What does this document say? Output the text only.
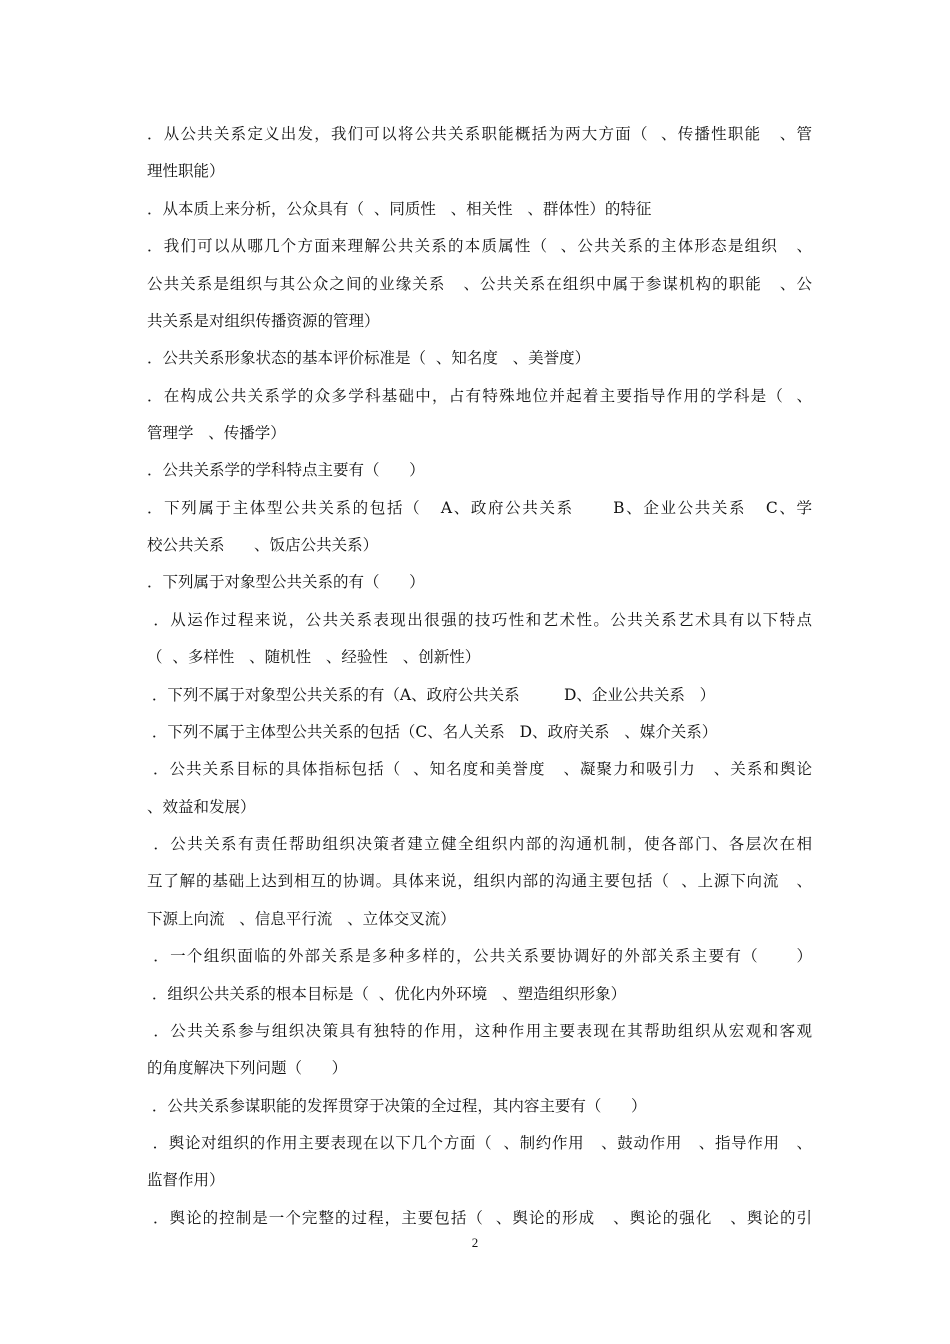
．从公共关系定义出发，我们可以将公共关系职能概括为两大方面（  、传播性职能   、管
理性职能）
．从本质上来分析，公众具有（  、同质性   、相关性   、群体性）的特征
．我们可以从哪几个方面来理解公共关系的本质属性（  、公共关系的主体形态是组织   、
公共关系是组织与其公众之间的业缘关系   、公共关系在组织中属于参谋机构的职能   、公
共关系是对组织传播资源的管理）
．公共关系形象状态的基本评价标准是（  、知名度   、美誉度）
．在构成公共关系学的众多学科基础中，占有特殊地位并起着主要指导作用的学科是（  、
管理学   、传播学）
．公共关系学的学科特点主要有（      ）
．下列属于主体型公共关系的包括（   A、政府公共关系      B、企业公共关系   C、学
校公共关系      、饭店公共关系）
．下列属于对象型公共关系的有（      ）
．从运作过程来说，公共关系表现出很强的技巧性和艺术性。公共关系艺术具有以下特点
（  、多样性   、随机性   、经验性   、创新性）
．下列不属于对象型公共关系的有（A、政府公共关系         D、企业公共关系   ）
．下列不属于主体型公共关系的包括（C、名人关系   D、政府关系   、媒介关系）
．公共关系目标的具体指标包括（  、知名度和美誉度   、凝聚力和吸引力   、关系和舆论
、效益和发展）
．公共关系有责任帮助组织决策者建立健全组织内部的沟通机制，使各部门、各层次在相
互了解的基础上达到相互的协调。具体来说，组织内部的沟通主要包括（  、上源下向流   、
下源上向流   、信息平行流   、立体交叉流）
．一个组织面临的外部关系是多种多样的，公共关系要协调好的外部关系主要有（      ）
．组织公共关系的根本目标是（  、优化内外环境   、塑造组织形象）
．公共关系参与组织决策具有独特的作用，这种作用主要表现在其帮助组织从宏观和客观
的角度解决下列问题（      ）
．公共关系参谋职能的发挥贯穿于决策的全过程，其内容主要有（      ）
．舆论对组织的作用主要表现在以下几个方面（  、制约作用   、鼓动作用   、指导作用   、
监督作用）
．舆论的控制是一个完整的过程，主要包括（  、舆论的形成   、舆论的强化   、舆论的引
2
